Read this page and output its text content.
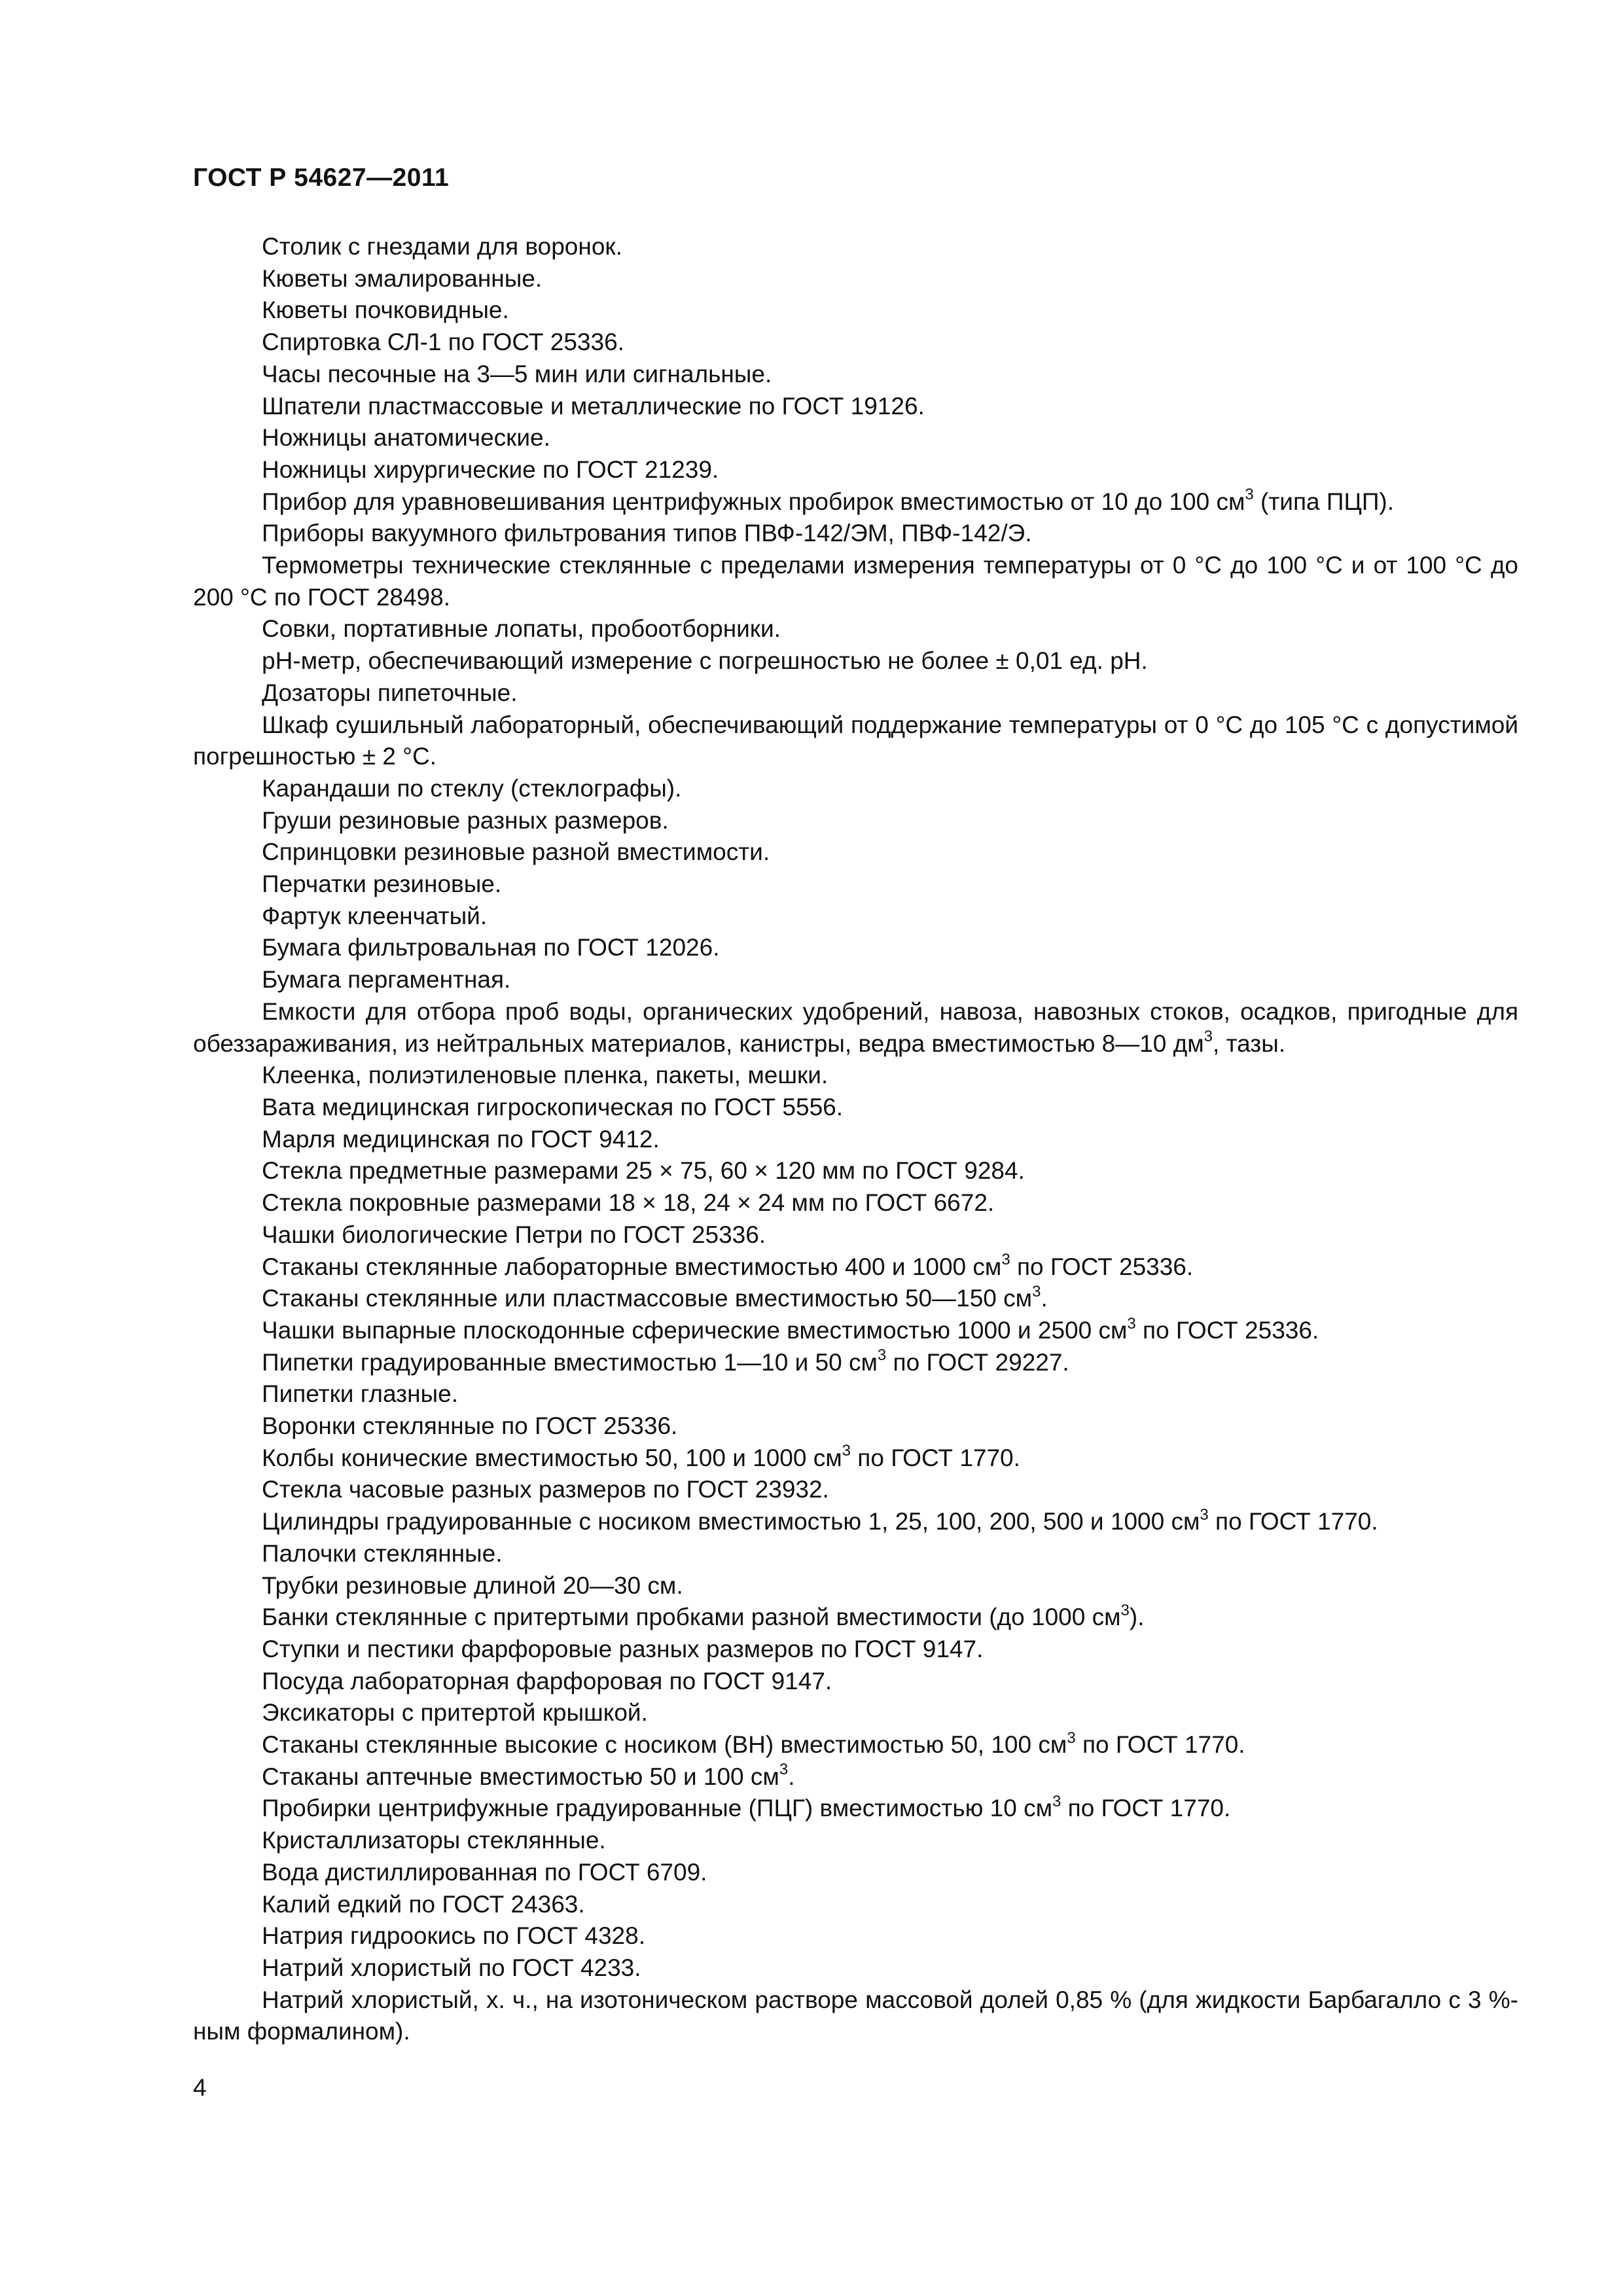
ГОСТ Р 54627—2011

Столик с гнездами для воронок.

Кюветы эмалированные.

Кюветы почковидные.

Спиртовка СЛ-1 по ГОСТ 25336.

Часы песочные на 3—5 мин или сигнальные.

Шпатели пластмассовые и металлические по ГОСТ 19126.

Ножницы анатомические.

Ножницы хирургические по ГОСТ 21239.

Прибор для уравновешивания центрифужных пробирок вместимостью от 10 до 100 $см^3$ (типа ПЦП).

Приборы вакуумного фильтрования типов ПВФ-142/ЭМ, ПВФ-142/Э.

Термометры технические стеклянные с пределами измерения температуры от 0 °С до 100 °С и от 100 °С до 200 °С по ГОСТ 28498.

Совки, портативные лопаты, пробоотборники.

pH-метр, обеспечивающий измерение с погрешностью не более ± 0,01 ед. pH.

Дозаторы пипеточные.

Шкаф сушильный лабораторный, обеспечивающий поддержание температуры от 0 °С до 105 °С с допустимой погрешностью ± 2 °С.

Карандаши по стеклу (стеклографы).

Груши резиновые разных размеров.

Спринцовки резиновые разной вместимости.

Перчатки резиновые.

Фартук клеенчатый.

Бумага фильтровальная по ГОСТ 12026.

Бумага пергаментная.

Емкости для отбора проб воды, органических удобрений, навоза, навозных стоков, осадков, пригодные для обеззараживания, из нейтральных материалов, канистры, ведра вместимостью 8—10 $дм^3$, тазы.

Клеенка, полиэтиленовые пленка, пакеты, мешки.

Вата медицинская гигроскопическая по ГОСТ 5556.

Марля медицинская по ГОСТ 9412.

Стекла предметные размерами 25 × 75, 60 × 120 мм по ГОСТ 9284.

Стекла покровные размерами 18 × 18, 24 × 24 мм по ГОСТ 6672.

Чашки биологические Петри по ГОСТ 25336.

Стаканы стеклянные лабораторные вместимостью 400 и 1000 $см^3$ по ГОСТ 25336.

Стаканы стеклянные или пластмассовые вместимостью 50—150 $см^3$.

Чашки выпарные плоскодонные сферические вместимостью 1000 и 2500 $см^3$ по ГОСТ 25336.

Пипетки градуированные вместимостью 1—10 и 50 $см^3$ по ГОСТ 29227.

Пипетки глазные.

Воронки стеклянные по ГОСТ 25336.

Колбы конические вместимостью 50, 100 и 1000 $см^3$ по ГОСТ 1770.

Стекла часовые разных размеров по ГОСТ 23932.

Цилиндры градуированные с носиком вместимостью 1, 25, 100, 200, 500 и 1000 $см^3$ по ГОСТ 1770.

Палочки стеклянные.

Трубки резиновые длиной 20—30 см.

Банки стеклянные с притертыми пробками разной вместимости (до 1000 $см^3$).

Ступки и пестики фарфоровые разных размеров по ГОСТ 9147.

Посуда лабораторная фарфоровая по ГОСТ 9147.

Эксикаторы с притертой крышкой.

Стаканы стеклянные высокие с носиком (ВН) вместимостью 50, 100 $см^3$ по ГОСТ 1770.

Стаканы аптечные вместимостью 50 и 100 $см^3$.

Пробирки центрифужные градуированные (ПЦГ) вместимостью 10 $см^3$ по ГОСТ 1770.

Кристаллизаторы стеклянные.

Вода дистиллированная по ГОСТ 6709.

Калий едкий по ГОСТ 24363.

Натрия гидроокись по ГОСТ 4328.

Натрий хлористый по ГОСТ 4233.

Натрий хлористый, х. ч., на изотоническом растворе массовой долей 0,85 % (для жидкости Барбагалло с 3 %-ным формалином).

4
